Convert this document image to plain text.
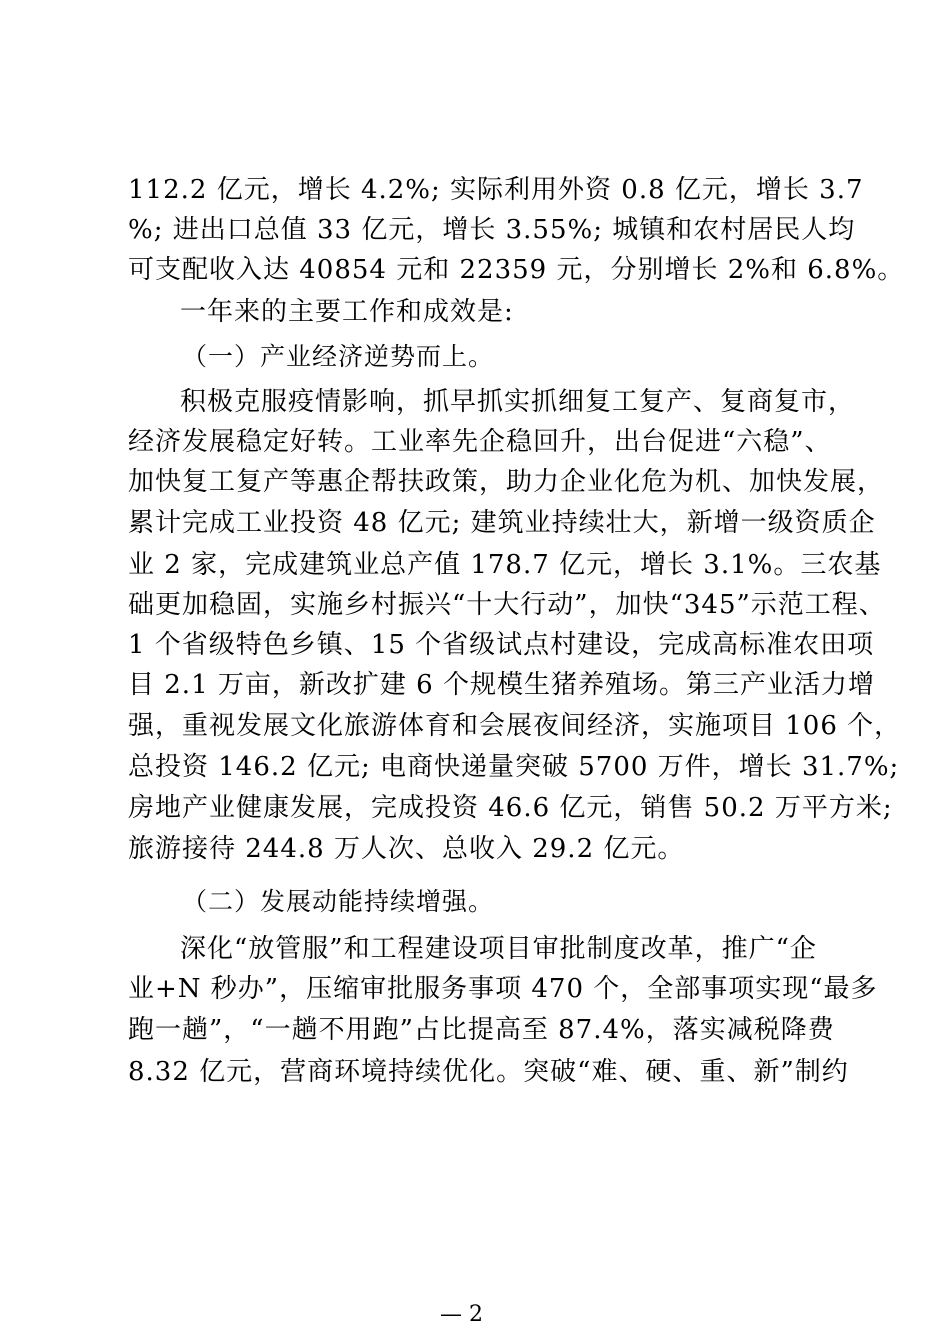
112.2 亿元，增长 4.2%; 实际利用外资 0.8 亿元，增长 3.7
%; 进出口总值 33 亿元，增长 3.55%; 城镇和农村居民人均
可支配收入达 40854 元和 22359 元，分别增长 2%和 6.8%。
一年来的主要工作和成效是:
（一）产业经济逆势而上。
积极克服疫情影响，抓早抓实抓细复工复产、复商复市，
经济发展稳定好转。工业率先企稳回升，出台促进“六稳”、
加快复工复产等惠企帮扶政策，助力企业化危为机、加快发展，
累计完成工业投资 48 亿元; 建筑业持续壮大，新增一级资质企
业 2 家，完成建筑业总产值 178.7 亿元，增长 3.1%。三农基
础更加稳固，实施乡村振兴“十大行动”，加快“345”示范工程、
1 个省级特色乡镇、15 个省级试点村建设，完成高标准农田项
目 2.1 万亩，新改扩建 6 个规模生猪养殖场。第三产业活力增
强，重视发展文化旅游体育和会展夜间经济，实施项目 106 个，
总投资 146.2 亿元; 电商快递量突破 5700 万件，增长 31.7%;
房地产业健康发展，完成投资 46.6 亿元，销售 50.2 万平方米;
旅游接待 244.8 万人次、总收入 29.2 亿元。
（二）发展动能持续增强。
深化“放管服”和工程建设项目审批制度改革，推广“企
业+N 秒办”，压缩审批服务事项 470 个，全部事项实现“最多
跑一趟”，“一趟不用跑”占比提高至 87.4%，落实减税降费
8.32 亿元，营商环境持续优化。突破“难、硬、重、新”制约
— 2
